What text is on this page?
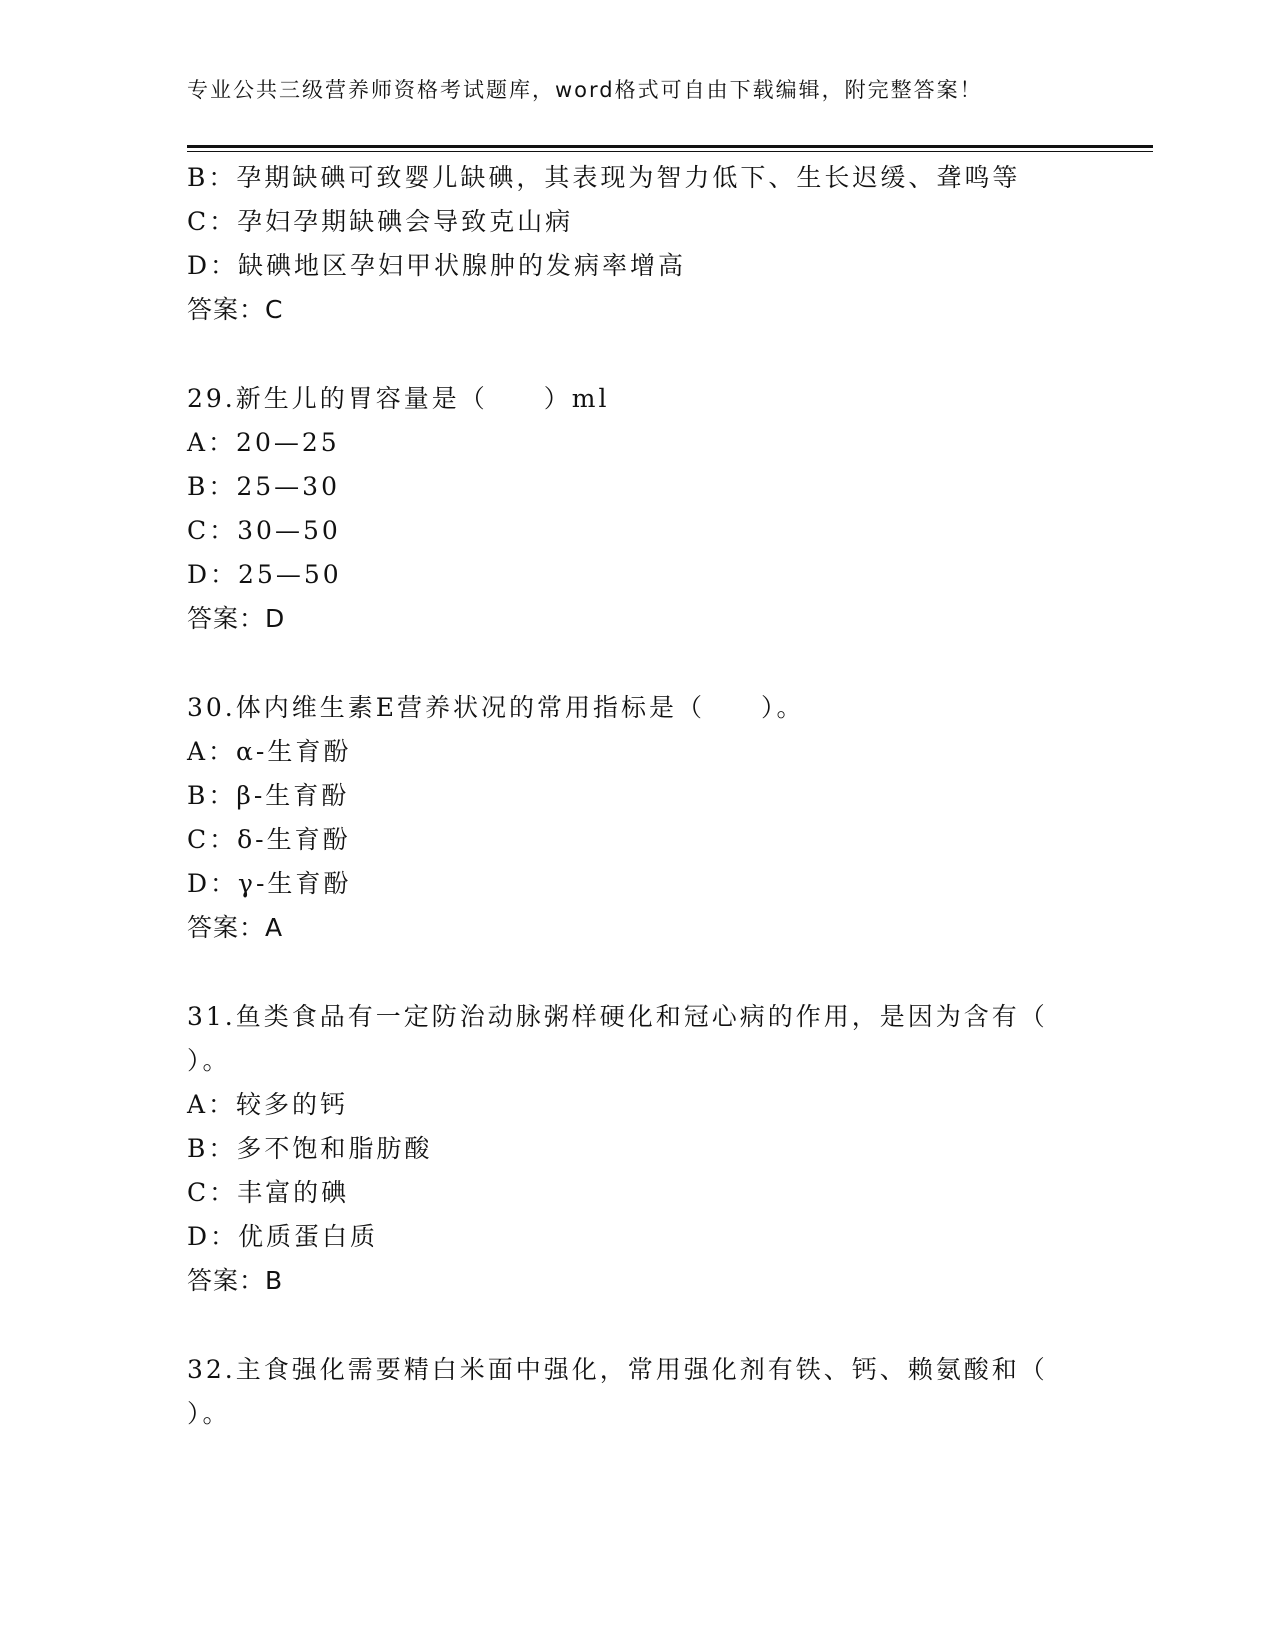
专业公共三级营养师资格考试题库，word格式可自由下载编辑，附完整答案！
B：孕期缺碘可致婴儿缺碘，其表现为智力低下、生长迟缓、聋鸣等
C：孕妇孕期缺碘会导致克山病
D：缺碘地区孕妇甲状腺肿的发病率增高
答案：C
29.新生儿的胃容量是（　　）ml
A：20—25
B：25—30
C：30—50
D：25—50
答案：D
30.体内维生素E营养状况的常用指标是（　　）。
A：α-生育酚
B：β-生育酚
C：δ-生育酚
D：γ-生育酚
答案：A
31.鱼类食品有一定防治动脉粥样硬化和冠心病的作用，是因为含有（
）。
A：较多的钙
B：多不饱和脂肪酸
C：丰富的碘
D：优质蛋白质
答案：B
32.主食强化需要精白米面中强化，常用强化剂有铁、钙、赖氨酸和（
）。
